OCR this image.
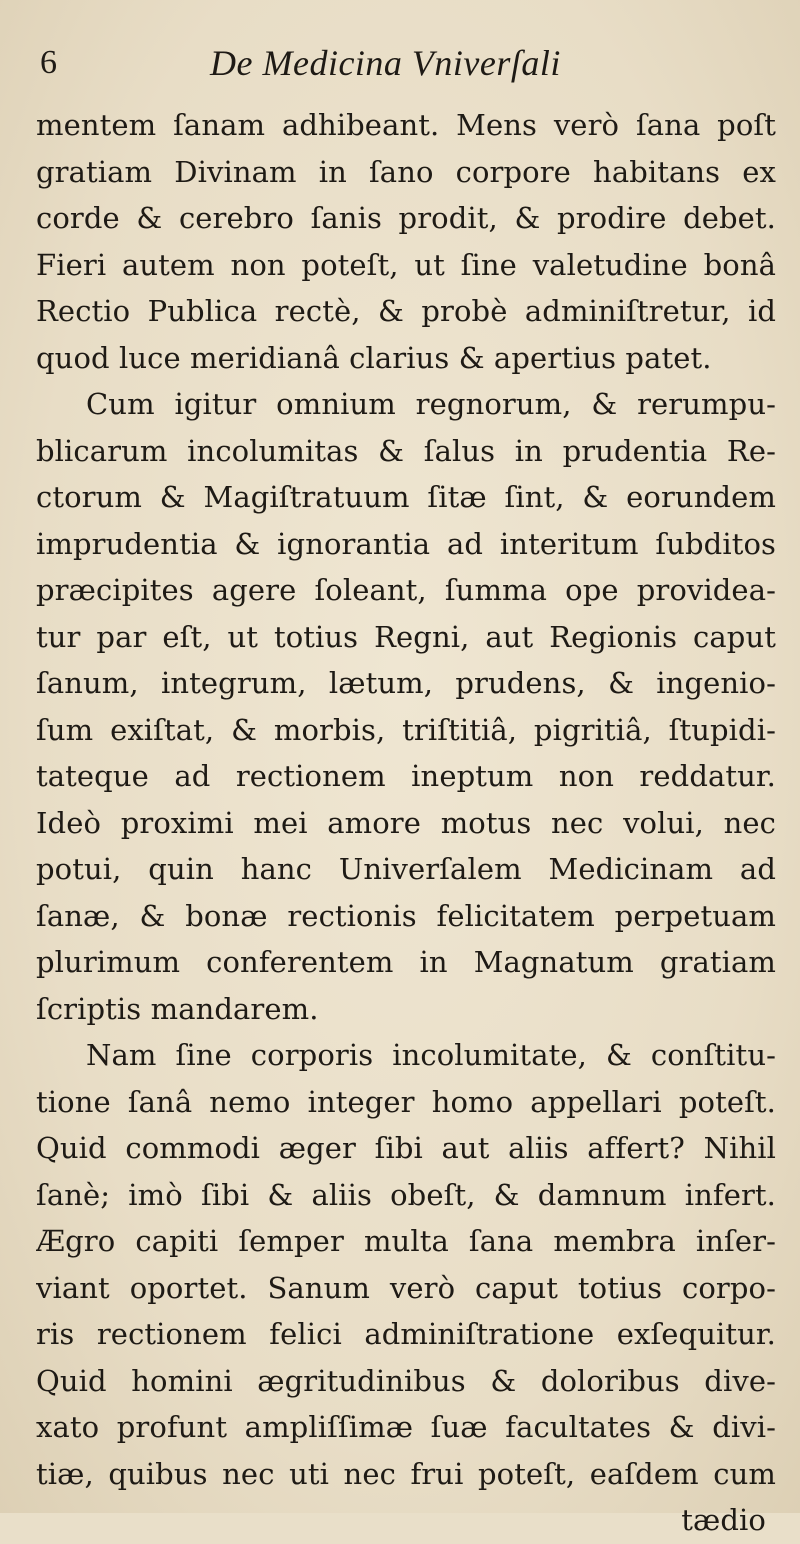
6	De Medicina Vniverſali
mentem ſanam adhibeant. Mens verò ſana poſt
gratiam Divinam in ſano corpore habitans ex
corde & cerebro ſanis prodit, & prodire debet.
Fieri autem non poteſt, ut ſine valetudine bonâ
Rectio Publica rectè, & probè adminiſtretur, id
quod luce meridianâ clarius & apertius patet.
Cum igitur omnium regnorum, & rerumpu-
blicarum incolumitas & ſalus in prudentia Re-
ctorum & Magiſtratuum ſitæ ſint, & eorundem
imprudentia & ignorantia ad interitum ſubditos
præcipites agere ſoleant, ſumma ope providea-
tur par eſt, ut totius Regni, aut Regionis caput
ſanum, integrum, lætum, prudens, & ingenio-
ſum exiſtat, & morbis, triſtitiâ, pigritiâ, ſtupidi-
tateque ad rectionem ineptum non reddatur.
Ideò proximi mei amore motus nec volui, nec
potui, quin hanc Univerſalem Medicinam ad
ſanæ, & bonæ rectionis felicitatem perpetuam
plurimum conferentem in Magnatum gratiam
ſcriptis mandarem.
Nam ſine corporis incolumitate, & conſtitu-
tione ſanâ nemo integer homo appellari poteſt.
Quid commodi æger ſibi aut aliis affert? Nihil
ſanè; imò ſibi & aliis obeſt, & damnum infert.
Ægro capiti ſemper multa ſana membra inſer-
viant oportet. Sanum verò caput totius corpo-
ris rectionem felici adminiſtratione exſequitur.
Quid homini ægritudinibus & doloribus dive-
xato profunt ampliſſimæ ſuæ facultates & divi-
tiæ, quibus nec uti nec frui poteſt, eaſdem cum
tædio
